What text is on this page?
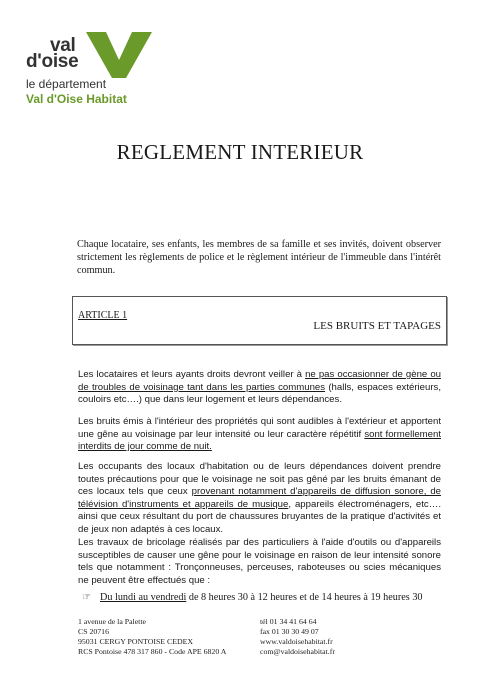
val
d'oise
le département
Val d'Oise Habitat
REGLEMENT INTERIEUR
Chaque locataire, ses enfants, les membres de sa famille et ses invités, doivent observer strictement les règlements de police et le règlement intérieur de l'immeuble dans l'intérêt commun.
ARTICLE 1
LES BRUITS ET TAPAGES
Les locataires et leurs ayants droits devront veiller à ne pas occasionner de gène ou de troubles de voisinage tant dans les parties communes (halls, espaces extérieurs, couloirs etc….) que dans leur logement et leurs dépendances.
Les bruits émis à l'intérieur des propriétés qui sont audibles à l'extérieur et apportent une gêne au voisinage par leur intensité ou leur caractère répétitif sont formellement interdits de jour comme de nuit.
Les occupants des locaux d'habitation ou de leurs dépendances doivent prendre toutes précautions pour que le voisinage ne soit pas gêné par les bruits émanant de ces locaux tels que ceux provenant notamment d'appareils de diffusion sonore, de télévision d'instruments et appareils de musique, appareils électroménagers, etc…. ainsi que ceux résultant du port de chaussures bruyantes de la pratique d'activités et de jeux non adaptés à ces locaux.
Les travaux de bricolage réalisés par des particuliers à l'aide d'outils ou d'appareils susceptibles de causer une gêne pour le voisinage en raison de leur intensité sonore tels que notamment : Tronçonneuses, perceuses, raboteuses ou scies mécaniques ne peuvent être effectués que :
☞ Du lundi au vendredi de 8 heures 30 à 12 heures et de 14 heures à 19 heures 30
1 avenue de la Palette
CS 20716
95031 CERGY PONTOISE CEDEX
RCS Pontoise 478 317 860 - Code APE 6820 A
tél 01 34 41 64 64
fax 01 30 30 49 07
www.valdoisehabitat.fr
com@valdoisehabitat.fr
